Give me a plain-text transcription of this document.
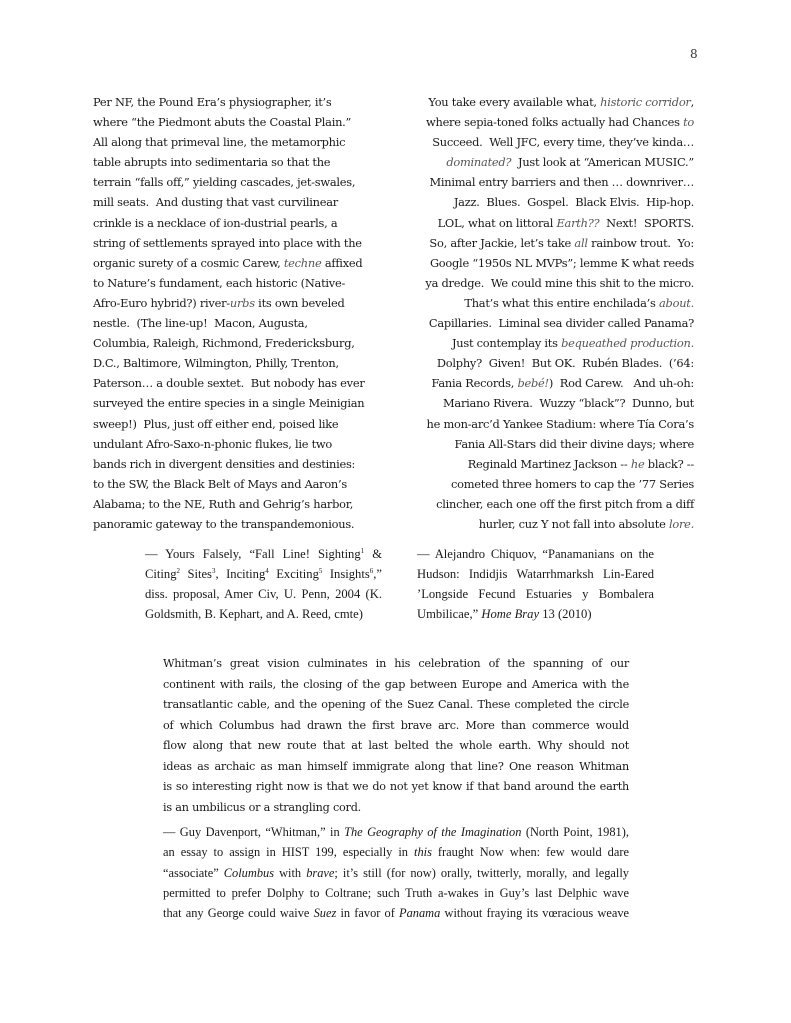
8
Per NF, the Pound Era’s physiographer, it’s
where “the Piedmont abuts the Coastal Plain.”
All along that primeval line, the metamorphic
table abrupts into sedimentaria so that the
terrain “falls off,” yielding cascades, jet-swales,
mill seats.  And dusting that vast curvilinear
crinkle is a necklace of ion-dustrial pearls, a
string of settlements sprayed into place with the
organic surety of a cosmic Carew, techne affixed
to Nature’s fundament, each historic (Native-
Afro-Euro hybrid?) river-urbs its own beveled
nestle.  (The line-up!  Macon, Augusta,
Columbia, Raleigh, Richmond, Fredericksburg,
D.C., Baltimore, Wilmington, Philly, Trenton,
Paterson… a double sextet.  But nobody has ever
surveyed the entire species in a single Meinigian
sweep!)  Plus, just off either end, poised like
undulant Afro-Saxo-n-phonic flukes, lie two
bands rich in divergent densities and destinies:
to the SW, the Black Belt of Mays and Aaron’s
Alabama; to the NE, Ruth and Gehrig’s harbor,
panoramic gateway to the transpandemonious.
You take every available what, historic corridor,
where sepia-toned folks actually had Chances to
Succeed.  Well JFC, every time, they’ve kinda…
dominated?  Just look at “American MUSIC.”
Minimal entry barriers and then … downriver…
Jazz.  Blues.  Gospel.  Black Elvis.  Hip-hop.
LOL, what on littoral Earth??  Next!  SPORTS.
So, after Jackie, let’s take all rainbow trout.  Yo:
Google “1950s NL MVPs”; lemme K what reeds
ya dredge.  We could mine this shit to the micro.
That’s what this entire enchilada’s about.
Capillaries.  Liminal sea divider called Panama?
Just contemplay its bequeathed production.
Dolphy?  Given!  But OK.  Rubén Blades.  (’64:
Fania Records, bebé!)  Rod Carew.   And uh-oh:
Mariano Rivera.  Wuzzy “black”?  Dunno, but
he mon-arc’d Yankee Stadium: where Tía Cora’s
Fania All-Stars did their divine days; where
Reginald Martinez Jackson -- he black? --
cometed three homers to cap the ’77 Series
clincher, each one off the first pitch from a diff
hurler, cuz Y not fall into absolute lore.
— Yours Falsely, “Fall Line! Sighting$^1$ &
Citing$^2$ Sites$^3$, Inciting$^4$ Exciting$^5$ Insights$^6$,”
diss. proposal, Amer Civ, U. Penn, 2004 (K.
Goldsmith, B. Kephart, and A. Reed, cmte)
— Alejandro Chiquov, “Panamanians on the
Hudson: Indidjis Watarrhmarksh Lin-Eared
’Longside Fecund Estuaries y Bombalera
Umbilicae,” Home Bray 13 (2010)
Whitman’s great vision culminates in his celebration of the spanning of our
continent with rails, the closing of the gap between Europe and America with the
transatlantic cable, and the opening of the Suez Canal. These completed the circle
of which Columbus had drawn the first brave arc. More than commerce would
flow along that new route that at last belted the whole earth. Why should not
ideas as archaic as man himself immigrate along that line? One reason Whitman
is so interesting right now is that we do not yet know if that band around the earth
is an umbilicus or a strangling cord.
— Guy Davenport, “Whitman,” in The Geography of the Imagination (North Point, 1981),
an essay to assign in HIST 199, especially in this fraught Now when: few would dare
“associate” Columbus with brave; it’s still (for now) orally, twitterly, morally, and legally
permitted to prefer Dolphy to Coltrane; such Truth a-wakes in Guy’s last Delphic wave
that any George could waive Suez in favor of Panama without fraying its vœracious weave
